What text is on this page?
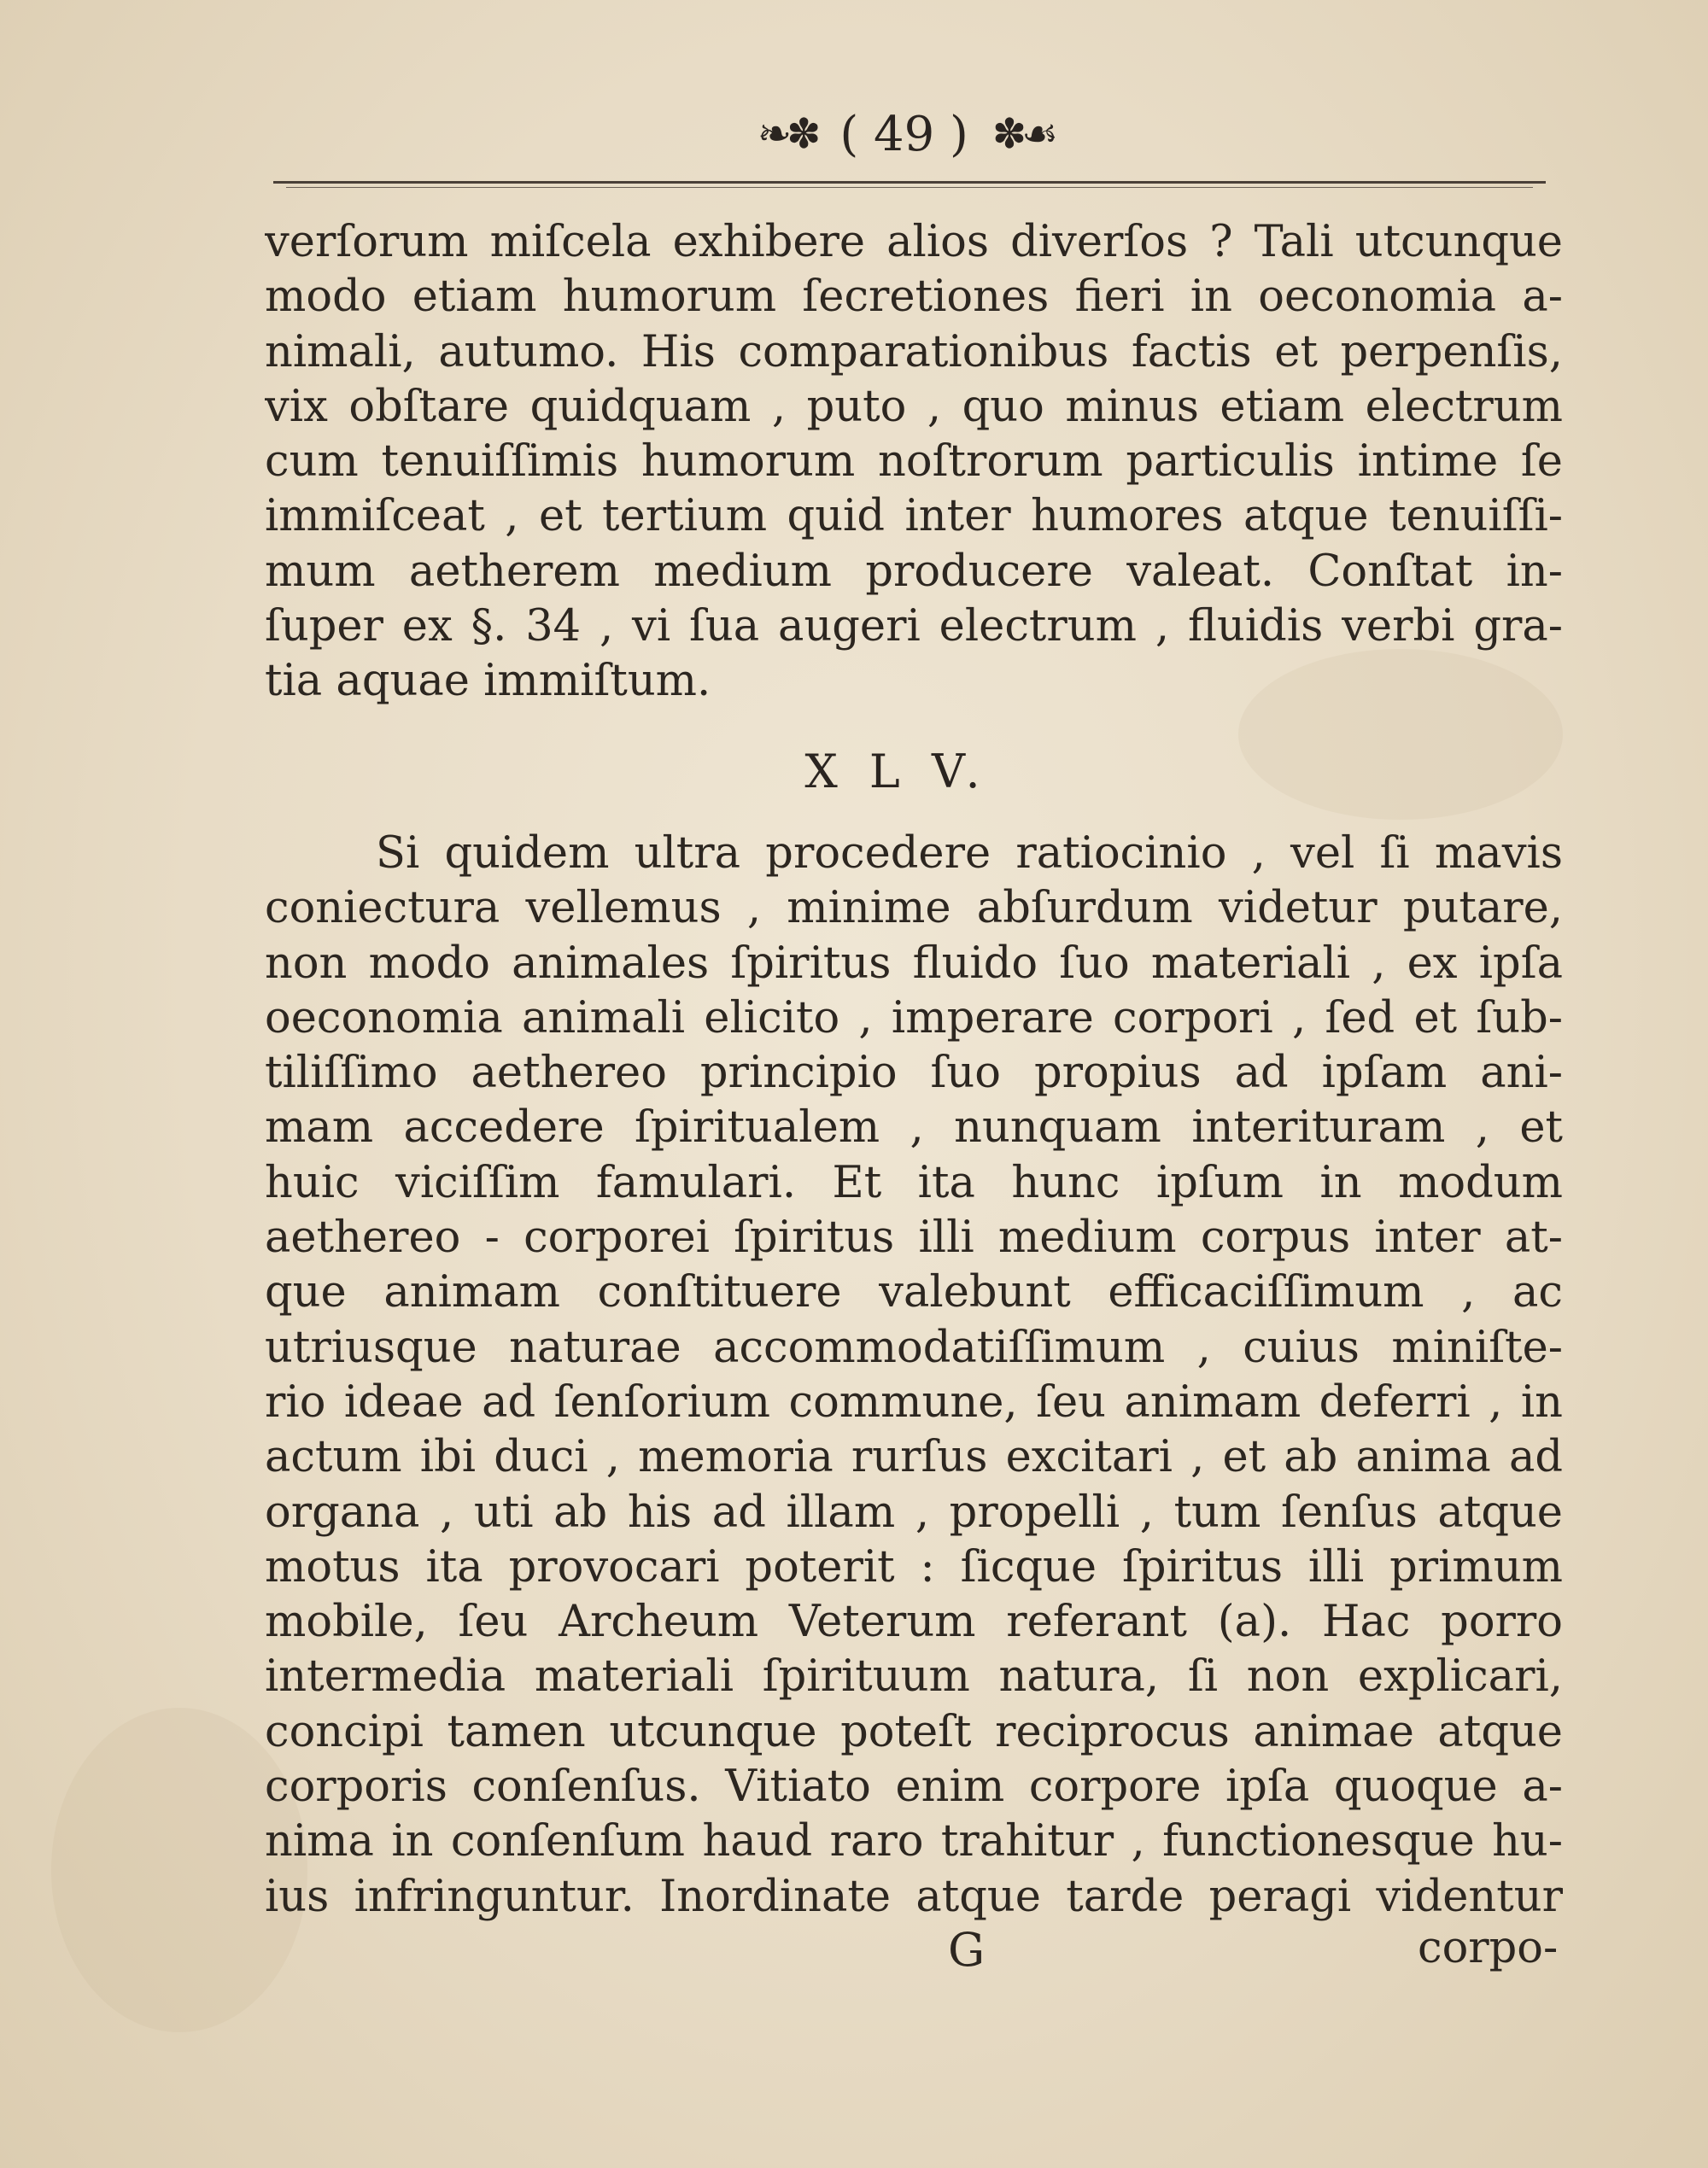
❧✽ ( 49 ) ✽☙
verſorum miſcela exhibere alios diverſos ? Tali utcunque
modo etiam humorum ſecretiones fieri in oeconomia a-
nimali, autumo. His comparationibus factis et perpenſis,
vix obſtare quidquam , puto , quo minus etiam electrum
cum tenuiſſimis humorum noſtrorum particulis intime ſe
immiſceat , et tertium quid inter humores atque tenuiſſi-
mum aetherem medium producere valeat. Conſtat in-
ſuper ex §. 34 , vi ſua augeri electrum , fluidis verbi gra-
tia aquae immiſtum.
X L V.
Si quidem ultra procedere ratiocinio , vel ſi mavis
coniectura vellemus , minime abſurdum videtur putare,
non modo animales ſpiritus fluido ſuo materiali , ex ipſa
oeconomia animali elicito , imperare corpori , ſed et ſub-
tiliſſimo aethereo principio ſuo propius ad ipſam ani-
mam accedere ſpiritualem , nunquam interituram , et
huic viciſſim famulari. Et ita hunc ipſum in modum
aethereo - corporei ſpiritus illi medium corpus inter at-
que animam conſtituere valebunt efficaciſſimum , ac
utriusque naturae accommodatiſſimum , cuius miniſte-
rio ideae ad ſenſorium commune, ſeu animam deferri , in
actum ibi duci , memoria rurſus excitari , et ab anima ad
organa , uti ab his ad illam , propelli , tum ſenſus atque
motus ita provocari poterit : ſicque ſpiritus illi primum
mobile, ſeu Archeum Veterum referant (a). Hac porro
intermedia materiali ſpirituum natura, ſi non explicari,
concipi tamen utcunque poteſt reciprocus animae atque
corporis conſenſus. Vitiato enim corpore ipſa quoque a-
nima in conſenſum haud raro trahitur , functionesque hu-
ius infringuntur. Inordinate atque tarde peragi videntur
G	corpo-
